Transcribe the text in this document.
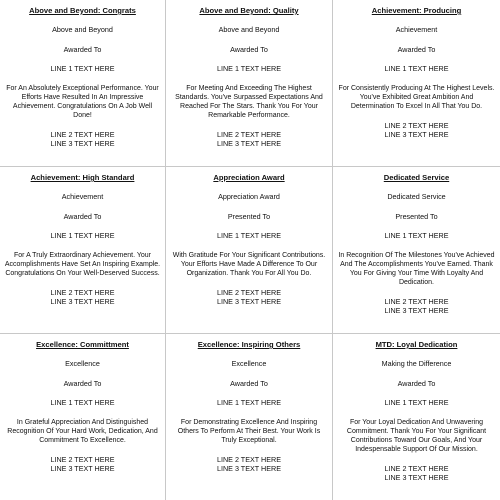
Above and Beyond: Congrats
Above and Beyond
Awarded To
LINE 1 TEXT HERE
For An Absolutely Exceptional Performance. Your Efforts Have Resulted In An Impressive Achievement. Congratulations On A Job Well Done!
LINE 2 TEXT HERE
LINE 3 TEXT HERE
Above and Beyond: Quality
Above and Beyond
Awarded To
LINE 1 TEXT HERE
For Meeting And Exceeding The Highest Standards. You've Surpassed Expectations And Reached For The Stars. Thank You For Your Remarkable Performance.
LINE 2 TEXT HERE
LINE 3 TEXT HERE
Achievement: Producing
Achievement
Awarded To
LINE 1 TEXT HERE
For Consistently Producing At The Highest Levels. You've Exhibited Great Ambition And Determination To Excel In All That You Do.
LINE 2 TEXT HERE
LINE 3 TEXT HERE
Achievement: High Standard
Achievement
Awarded To
LINE 1 TEXT HERE
For A Truly Extraordinary Achievement. Your Accomplishments Have Set An Inspiring Example. Congratulations On Your Well-Deserved Success.
LINE 2 TEXT HERE
LINE 3 TEXT HERE
Appreciation Award
Appreciation Award
Presented To
LINE 1 TEXT HERE
With Gratitude For Your Significant Contributions. Your Efforts Have Made A Difference To Our Organization. Thank You For All You Do.
LINE 2 TEXT HERE
LINE 3 TEXT HERE
Dedicated Service
Dedicated Service
Presented To
LINE 1 TEXT HERE
In Recognition Of The Milestones You've Achieved And The Accomplishments You've Earned. Thank You For Giving Your Time With Loyalty And Dedication.
LINE 2 TEXT HERE
LINE 3 TEXT HERE
Excellence: Committment
Excellence
Awarded To
LINE 1 TEXT HERE
In Grateful Appreciation And Distinguished Recognition Of Your Hard Work, Dedication, And Commitment To Excellence.
LINE 2 TEXT HERE
LINE 3 TEXT HERE
Excellence: Inspiring Others
Excellence
Awarded To
LINE 1 TEXT HERE
For Demonstrating Excellence And Inspiring Others To Perform At Their Best. Your Work Is Truly Exceptional.
LINE 2 TEXT HERE
LINE 3 TEXT HERE
MTD: Loyal Dedication
Making the Difference
Awarded To
LINE 1 TEXT HERE
For Your Loyal Dedication And Unwavering Commitment. Thank You For Your Significant Contributions Toward Our Goals, And Your Indespensable Support Of Our Mission.
LINE 2 TEXT HERE
LINE 3 TEXT HERE
